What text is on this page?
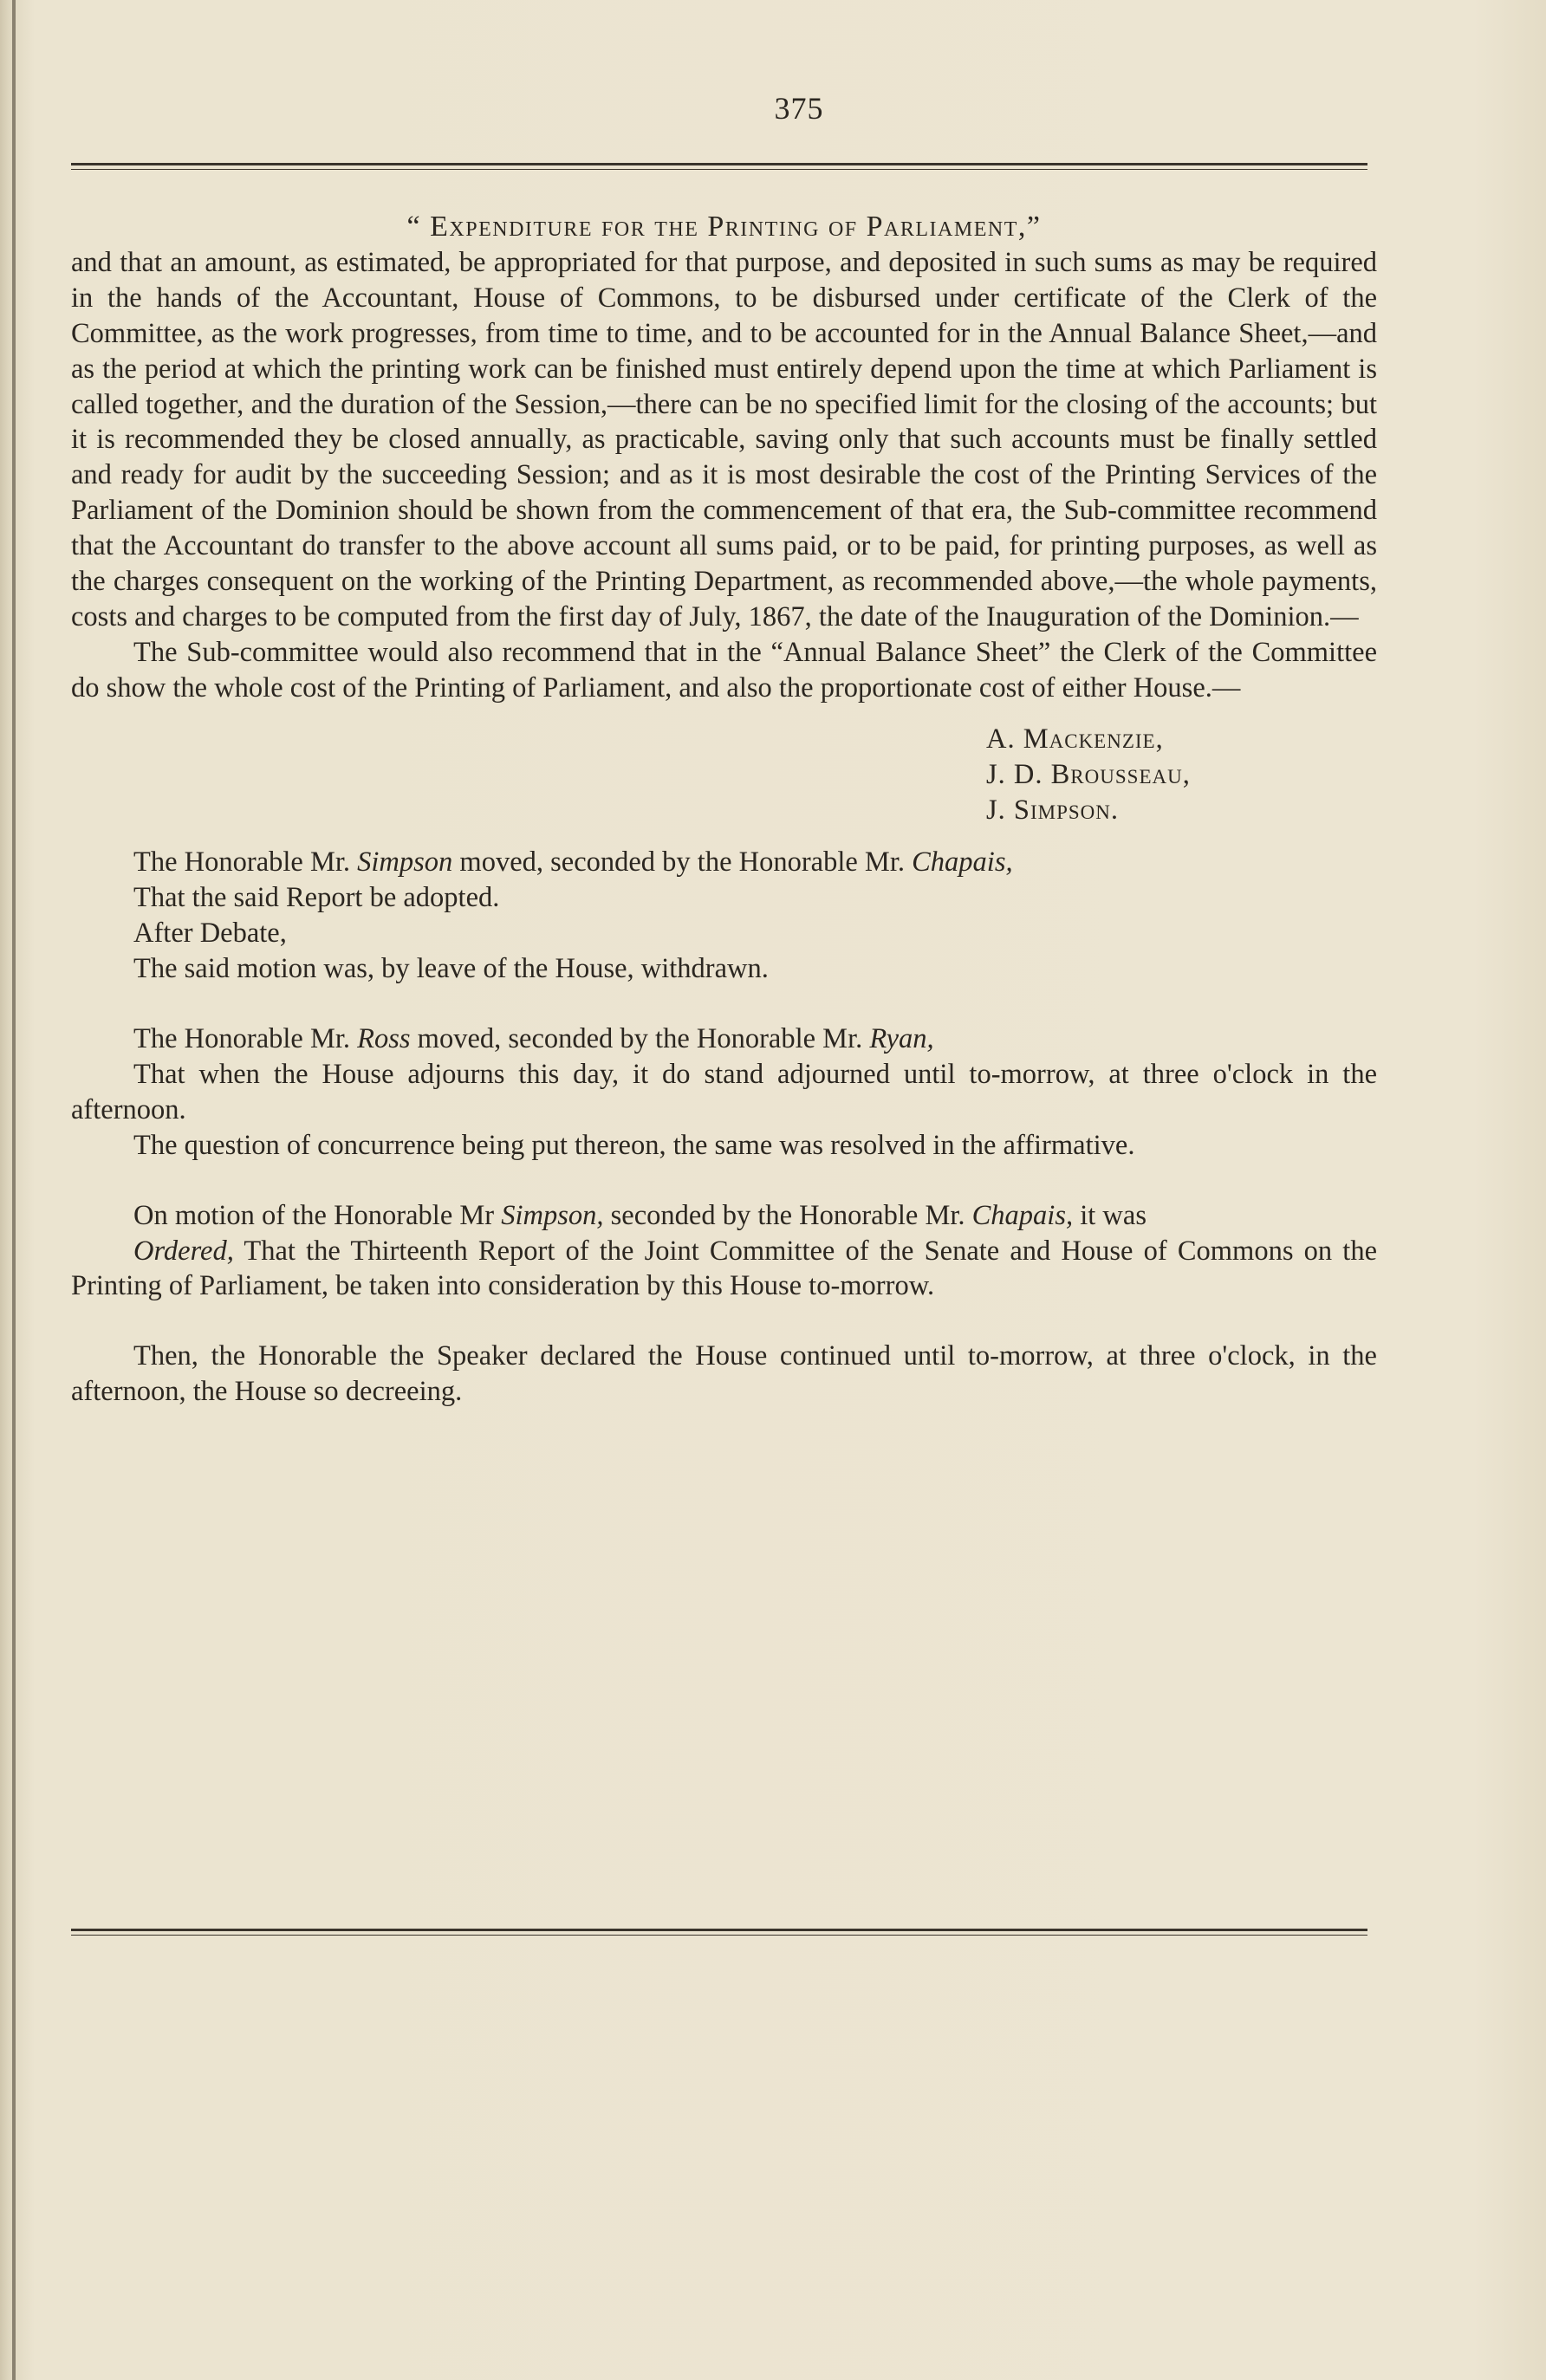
375

“ Expenditure for the Printing of Parliament,”

and that an amount, as estimated, be appropriated for that purpose, and deposited in such sums as may be required in the hands of the Accountant, House of Commons, to be disbursed under certificate of the Clerk of the Committee, as the work progresses, from time to time, and to be accounted for in the Annual Balance Sheet,—and as the period at which the printing work can be finished must entirely depend upon the time at which Parliament is called together, and the duration of the Session,—there can be no specified limit for the closing of the accounts; but it is recommended they be closed annually, as practicable, saving only that such accounts must be finally settled and ready for audit by the succeeding Session; and as it is most desirable the cost of the Printing Services of the Parliament of the Dominion should be shown from the commencement of that era, the Sub-committee recommend that the Accountant do transfer to the above account all sums paid, or to be paid, for printing purposes, as well as the charges consequent on the working of the Printing Department, as recommended above,—the whole payments, costs and charges to be computed from the first day of July, 1867, the date of the Inauguration of the Dominion.—

The Sub-committee would also recommend that in the “Annual Balance Sheet” the Clerk of the Committee do show the whole cost of the Printing of Parliament, and also the proportionate cost of either House.—

A. Mackenzie,

J. D. Brousseau,

J. Simpson.

The Honorable Mr. Simpson moved, seconded by the Honorable Mr. Chapais,

That the said Report be adopted.

After Debate,

The said motion was, by leave of the House, withdrawn.

The Honorable Mr. Ross moved, seconded by the Honorable Mr. Ryan,

That when the House adjourns this day, it do stand adjourned until to-morrow, at three o'clock in the afternoon.

The question of concurrence being put thereon, the same was resolved in the affirmative.

On motion of the Honorable Mr Simpson, seconded by the Honorable Mr. Chapais, it was

Ordered, That the Thirteenth Report of the Joint Committee of the Senate and House of Commons on the Printing of Parliament, be taken into consideration by this House to-morrow.

Then, the Honorable the Speaker declared the House continued until to-morrow, at three o'clock, in the afternoon, the House so decreeing.
